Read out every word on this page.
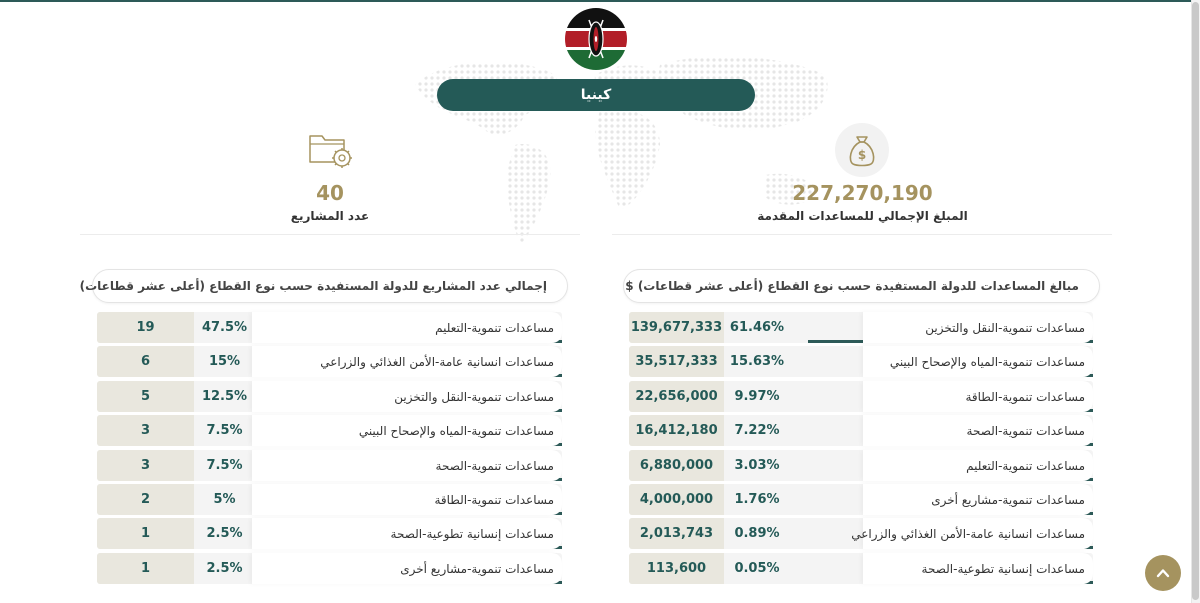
كينيا
$
227,270,190
المبلغ الإجمالي للمساعدات المقدمة
40
عدد المشاريع
مبالغ المساعدات للدولة المستفيدة حسب نوع القطاع (أعلى عشر قطاعات) $
إجمالي عدد المشاريع للدولة المستفيدة حسب نوع القطاع (أعلى عشر قطاعات)
مساعدات تنموية-النقل والتخزين
61.46%
139,677,333
مساعدات تنموية-المياه والإصحاح البيني
15.63%
35,517,333
مساعدات تنموية-الطاقة
9.97%
22,656,000
مساعدات تنموية-الصحة
7.22%
16,412,180
مساعدات تنموية-التعليم
3.03%
6,880,000
مساعدات تنموية-مشاريع أخرى
1.76%
4,000,000
مساعدات انسانية عامة-الأمن الغذائي والزراعي
0.89%
2,013,743
مساعدات إنسانية تطوعية-الصحة
0.05%
113,600
مساعدات تنموية-التعليم
47.5%
19
مساعدات انسانية عامة-الأمن الغذائي والزراعي
15%
6
مساعدات تنموية-النقل والتخزين
12.5%
5
مساعدات تنموية-المياه والإصحاح البيني
7.5%
3
مساعدات تنموية-الصحة
7.5%
3
مساعدات تنموية-الطاقة
5%
2
مساعدات إنسانية تطوعية-الصحة
2.5%
1
مساعدات تنموية-مشاريع أخرى
2.5%
1
